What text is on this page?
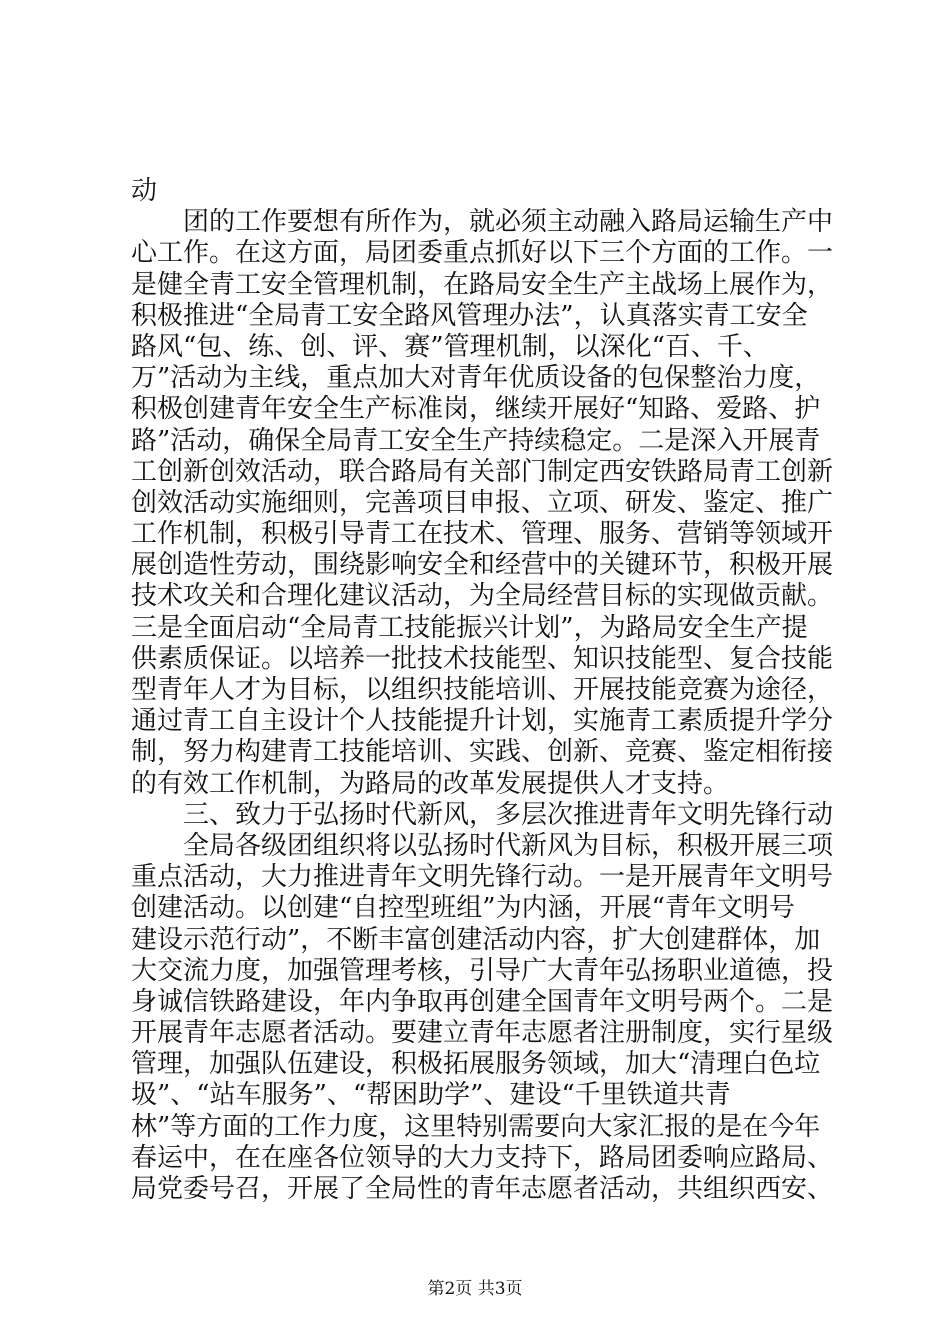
动
团的工作要想有所作为，就必须主动融入路局运输生产中
心工作。在这方面，局团委重点抓好以下三个方面的工作。一
是健全青工安全管理机制，在路局安全生产主战场上展作为，
积极推进“全局青工安全路风管理办法”，认真落实青工安全
路风“包、练、创、评、赛”管理机制，以深化“百、千、
万”活动为主线，重点加大对青年优质设备的包保整治力度，
积极创建青年安全生产标准岗，继续开展好“知路、爱路、护
路”活动，确保全局青工安全生产持续稳定。二是深入开展青
工创新创效活动，联合路局有关部门制定西安铁路局青工创新
创效活动实施细则，完善项目申报、立项、研发、鉴定、推广
工作机制，积极引导青工在技术、管理、服务、营销等领域开
展创造性劳动，围绕影响安全和经营中的关键环节，积极开展
技术攻关和合理化建议活动，为全局经营目标的实现做贡献。
三是全面启动“全局青工技能振兴计划”，为路局安全生产提
供素质保证。以培养一批技术技能型、知识技能型、复合技能
型青年人才为目标，以组织技能培训、开展技能竞赛为途径，
通过青工自主设计个人技能提升计划，实施青工素质提升学分
制，努力构建青工技能培训、实践、创新、竞赛、鉴定相衔接
的有效工作机制，为路局的改革发展提供人才支持。
三、致力于弘扬时代新风，多层次推进青年文明先锋行动
全局各级团组织将以弘扬时代新风为目标，积极开展三项
重点活动，大力推进青年文明先锋行动。一是开展青年文明号
创建活动。以创建“自控型班组”为内涵，开展“青年文明号
建设示范行动”，不断丰富创建活动内容，扩大创建群体，加
大交流力度，加强管理考核，引导广大青年弘扬职业道德，投
身诚信铁路建设，年内争取再创建全国青年文明号两个。二是
开展青年志愿者活动。要建立青年志愿者注册制度，实行星级
管理，加强队伍建设，积极拓展服务领域，加大“清理白色垃
圾”、“站车服务”、“帮困助学”、建设“千里铁道共青
林”等方面的工作力度，这里特别需要向大家汇报的是在今年
春运中，在在座各位领导的大力支持下，路局团委响应路局、
局党委号召，开展了全局性的青年志愿者活动，共组织西安、
第2页 共3页
